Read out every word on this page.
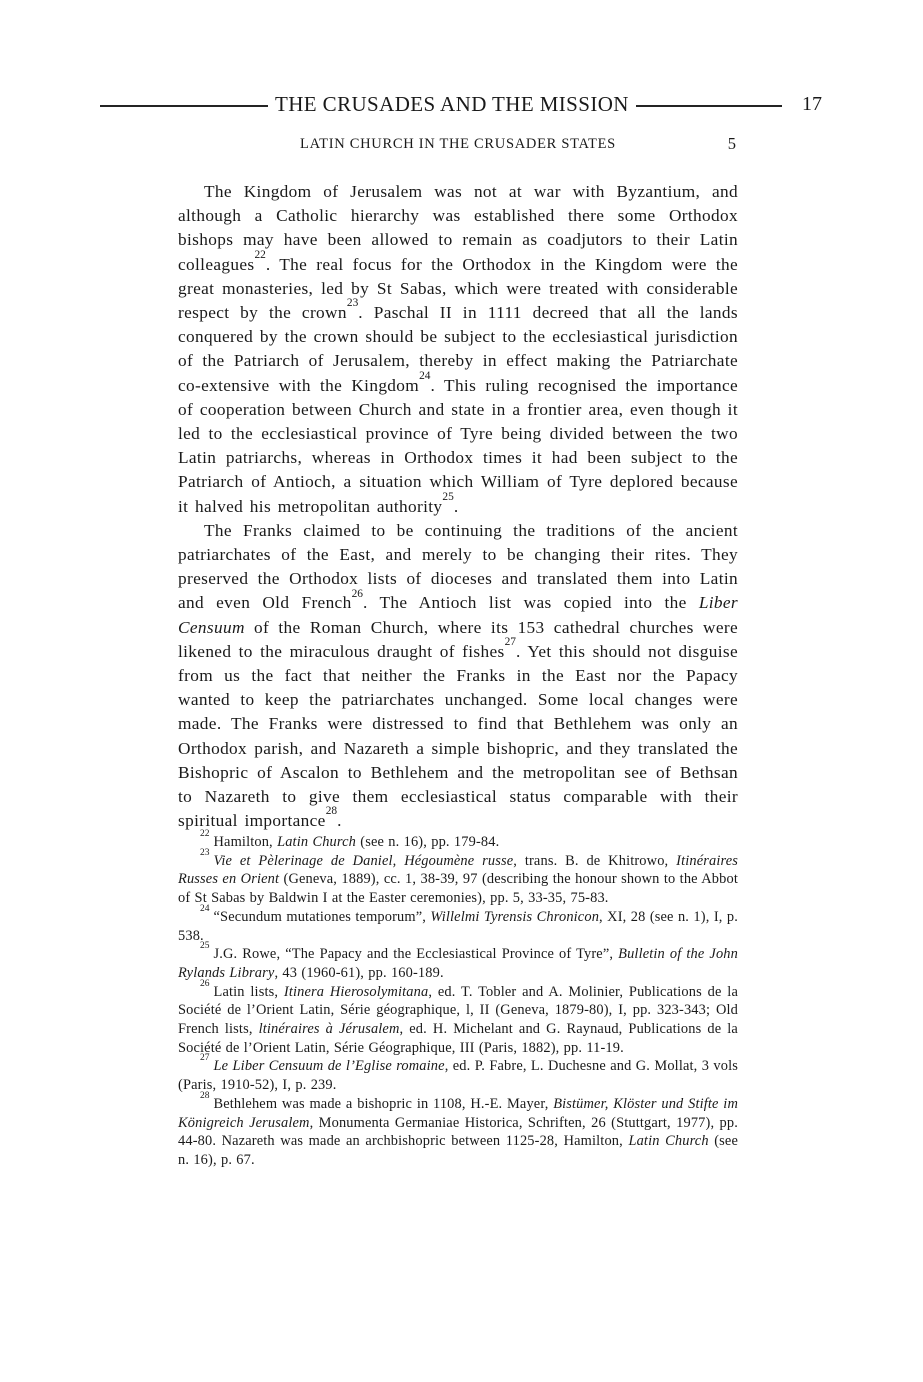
THE CRUSADES AND THE MISSION	17
LATIN CHURCH IN THE CRUSADER STATES	5

The Kingdom of Jerusalem was not at war with Byzantium, and although a Catholic hierarchy was established there some Orthodox bishops may have been allowed to remain as coadjutors to their Latin colleagues$^{22}$. The real focus for the Orthodox in the Kingdom were the great monasteries, led by St Sabas, which were treated with considerable respect by the crown$^{23}$. Paschal II in 1111 decreed that all the lands conquered by the crown should be subject to the ecclesiastical jurisdiction of the Patriarch of Jerusalem, thereby in effect making the Patriarchate co-extensive with the Kingdom$^{24}$. This ruling recognised the importance of cooperation between Church and state in a frontier area, even though it led to the ecclesiastical province of Tyre being divided between the two Latin patriarchs, whereas in Orthodox times it had been subject to the Patriarch of Antioch, a situation which William of Tyre deplored because it halved his metropolitan authority$^{25}$.

The Franks claimed to be continuing the traditions of the ancient patriarchates of the East, and merely to be changing their rites. They preserved the Orthodox lists of dioceses and translated them into Latin and even Old French$^{26}$. The Antioch list was copied into the Liber Censuum of the Roman Church, where its 153 cathedral churches were likened to the miraculous draught of fishes$^{27}$. Yet this should not disguise from us the fact that neither the Franks in the East nor the Papacy wanted to keep the patriarchates unchanged. Some local changes were made. The Franks were distressed to find that Bethlehem was only an Orthodox parish, and Nazareth a simple bishopric, and they translated the Bishopric of Ascalon to Bethlehem and the metropolitan see of Bethsan to Nazareth to give them ecclesiastical status comparable with their spiritual importance$^{28}$.

$^{22}$Hamilton, Latin Church (see n. 16), pp. 179-84.

$^{23}$Vie et Pèlerinage de Daniel, Hégoumène russe, trans. B. de Khitrowo, Itinéraires Russes en Orient (Geneva, 1889), cc. 1, 38-39, 97 (describing the honour shown to the Abbot of St Sabas by Baldwin I at the Easter ceremonies), pp. 5, 33-35, 75-83.

$^{24}$“Secundum mutationes temporum”, Willelmi Tyrensis Chronicon, XI, 28 (see n. 1), I, p. 538.

$^{25}$J.G. Rowe, “The Papacy and the Ecclesiastical Province of Tyre”, Bulletin of the John Rylands Library, 43 (1960-61), pp. 160-189.

$^{26}$Latin lists, Itinera Hierosolymitana, ed. T. Tobler and A. Molinier, Publications de la Société de l’Orient Latin, Série géographique, l, II (Geneva, 1879-80), I, pp. 323-343; Old French lists, ltinéraires à Jérusalem, ed. H. Michelant and G. Raynaud, Publications de la Société de l’Orient Latin, Série Géographique, III (Paris, 1882), pp. 11-19.

$^{27}$Le Liber Censuum de l’Eglise romaine, ed. P. Fabre, L. Duchesne and G. Mollat, 3 vols (Paris, 1910-52), I, p. 239.

$^{28}$Bethlehem was made a bishopric in 1108, H.-E. Mayer, Bistümer, Klöster und Stifte im Königreich Jerusalem, Monumenta Germaniae Historica, Schriften, 26 (Stuttgart, 1977), pp. 44-80. Nazareth was made an archbishopric between 1125-28, Hamilton, Latin Church (see n. 16), p. 67.
